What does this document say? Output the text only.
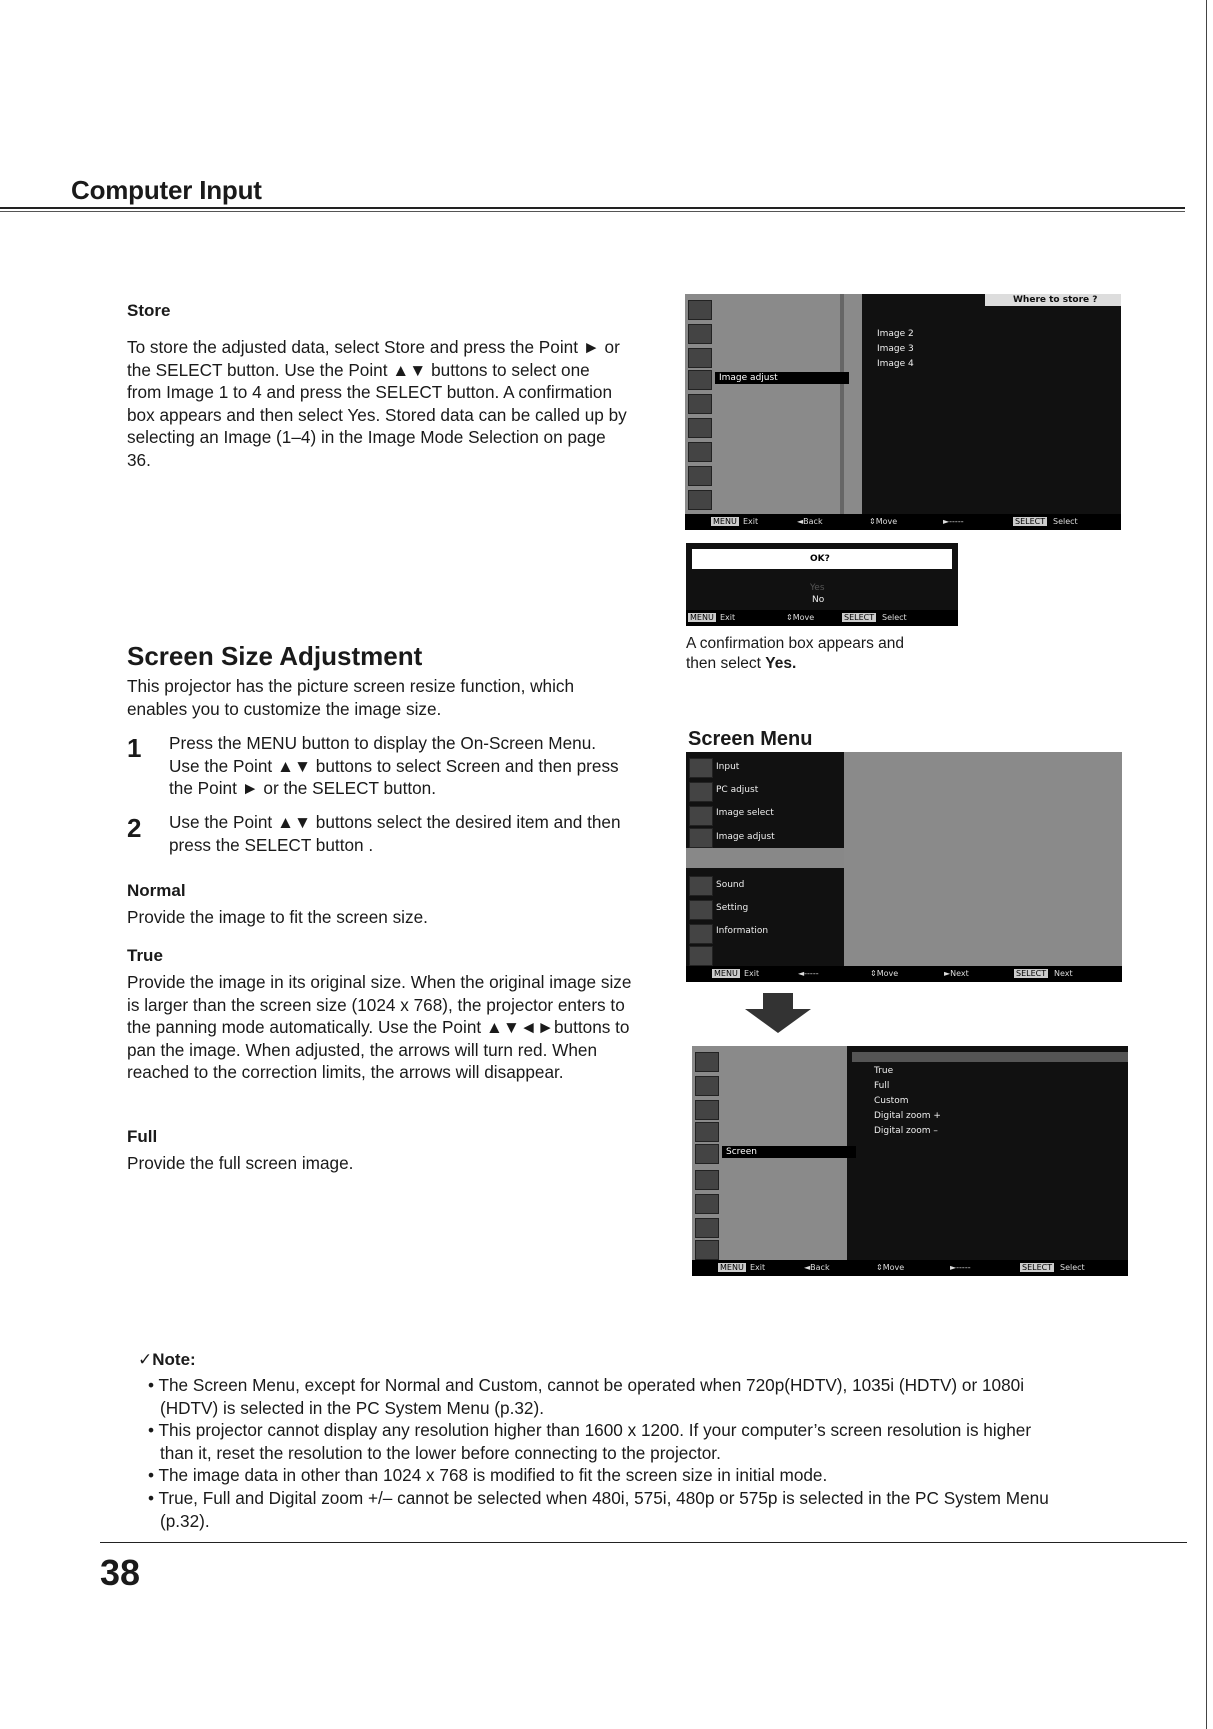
Computer Input
Store
To store the adjusted data, select Store and press the Point ► or the SELECT button. Use the Point ▲▼ buttons to select one from Image 1 to 4 and press the SELECT button. A confirmation box appears and then select Yes. Stored data can be called up by selecting an Image (1–4) in the Image Mode Selection on page 36.
Image adjust
Where to store ?
Image 2
Image 3
Image 4
MENU Exit	◄Back	⇕Move	►-----	SELECT Select
OK?
Yes
No
MENU Exit	⇕Move	SELECT Select
A confirmation box appears and
then select Yes.
Screen Size Adjustment
This projector has the picture screen resize function, which enables you to customize the image size.
1 Press the MENU button to display the On-Screen Menu. Use the Point ▲▼ buttons to select Screen and then press the Point ► or the SELECT button.
2 Use the Point ▲▼ buttons select the desired item and then press the SELECT button .
Normal
Provide the image to fit the screen size.
True
Provide the image in its original size. When the original image size is larger than the screen size (1024 x 768), the projector enters to the panning mode automatically. Use the Point ▲▼◄►buttons to pan the image. When adjusted, the arrows will turn red. When reached to the correction limits, the arrows will disappear.
Full
Provide the full screen image.
Screen Menu
Input
PC adjust
Image select
Image adjust
Sound
Setting
Information
MENU Exit	◄-----	⇕Move	►Next	SELECT Next
Screen
True
Full
Custom
Digital zoom +
Digital zoom –
MENU Exit	◄Back	⇕Move	►-----	SELECT Select
✓Note:
• The Screen Menu, except for Normal and Custom, cannot be operated when 720p(HDTV), 1035i (HDTV) or 1080i (HDTV) is selected in the PC System Menu (p.32).
• This projector cannot display any resolution higher than 1600 x 1200. If your computer’s screen resolution is higher than it, reset the resolution to the lower before connecting to the projector.
• The image data in other than 1024 x 768 is modified to fit the screen size in initial mode.
• True, Full and Digital zoom +/– cannot be selected when 480i, 575i, 480p or 575p is selected in the PC System Menu (p.32).
38
